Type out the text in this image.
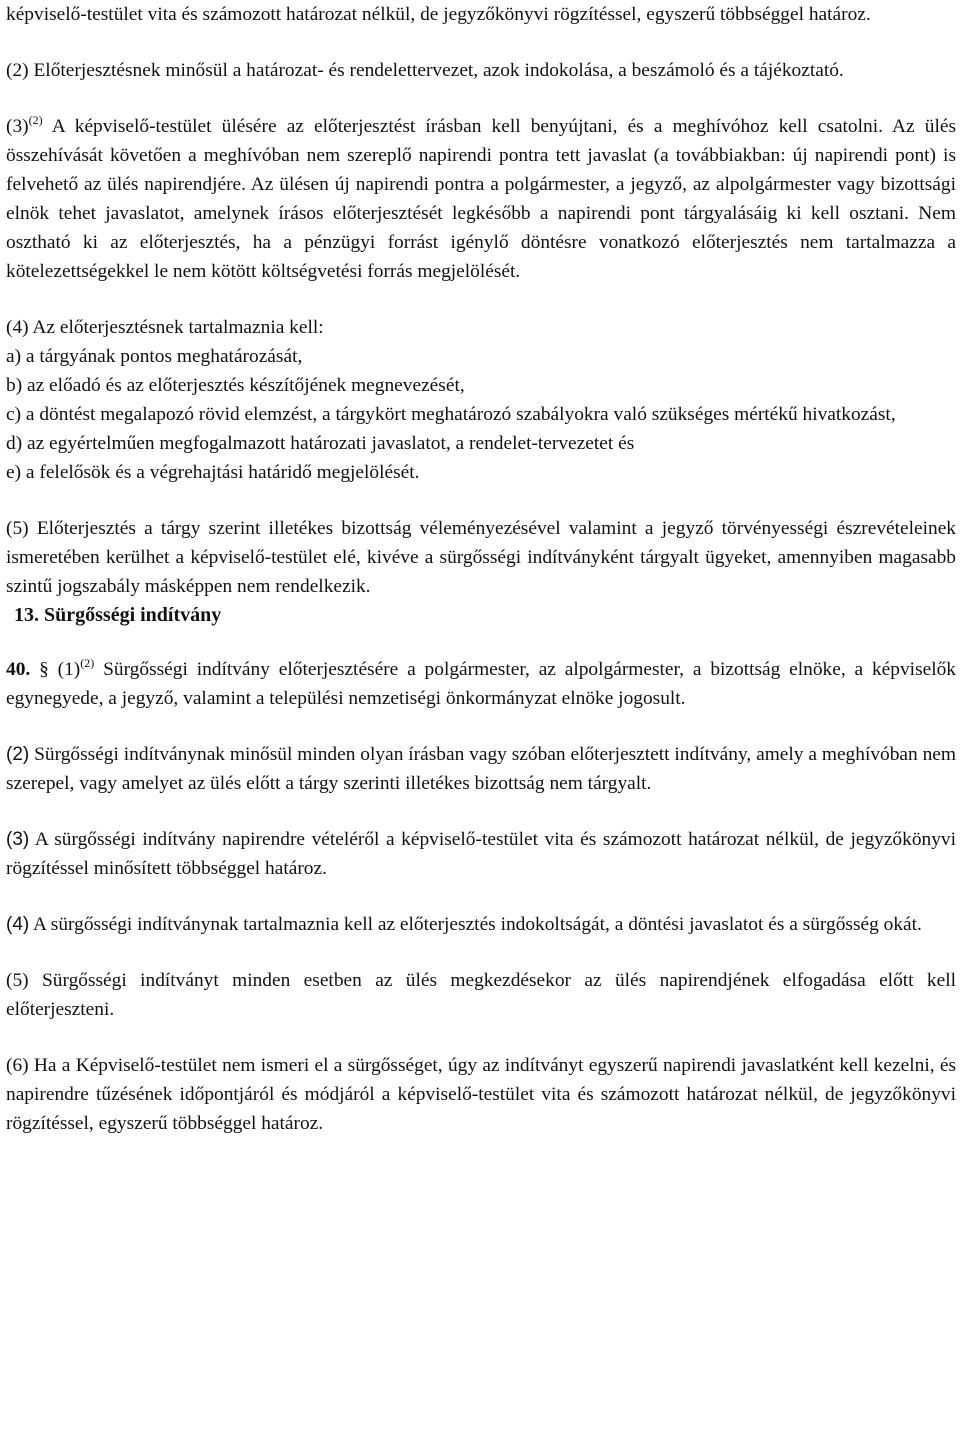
képviselő-testület vita és számozott határozat nélkül, de jegyzőkönyvi rögzítéssel, egyszerű többséggel határoz.

(2) Előterjesztésnek minősül a határozat- és rendelettervezet, azok indokolása, a beszámoló és a tájékoztató.

$(3)^{(2)}$ A képviselő-testület ülésére az előterjesztést írásban kell benyújtani, és a meghívóhoz kell csatolni. Az ülés összehívását követően a meghívóban nem szereplő napirendi pontra tett javaslat (a továbbiakban: új napirendi pont) is felvehető az ülés napirendjére. Az ülésen új napirendi pontra a polgármester, a jegyző, az alpolgármester vagy bizottsági elnök tehet javaslatot, amelynek írásos előterjesztését legkésőbb a napirendi pont tárgyalásáig ki kell osztani. Nem osztható ki az előterjesztés, ha a pénzügyi forrást igénylő döntésre vonatkozó előterjesztés nem tartalmazza a kötelezettségekkel le nem kötött költségvetési forrás megjelölését.

(4) Az előterjesztésnek tartalmaznia kell:

a) a tárgyának pontos meghatározását,

b) az előadó és az előterjesztés készítőjének megnevezését,

c) a döntést megalapozó rövid elemzést, a tárgykört meghatározó szabályokra való szükséges mértékű hivatkozást,

d) az egyértelműen megfogalmazott határozati javaslatot, a rendelet-tervezetet és

e) a felelősök és a végrehajtási határidő megjelölését.

(5) Előterjesztés a tárgy szerint illetékes bizottság véleményezésével valamint a jegyző törvényességi észrevételeinek ismeretében kerülhet a képviselő-testület elé, kivéve a sürgősségi indítványként tárgyalt ügyeket, amennyiben magasabb szintű jogszabály másképpen nem rendelkezik.

13. Sürgősségi indítvány

40. § $(1)^{(2)}$ Sürgősségi indítvány előterjesztésére a polgármester, az alpolgármester, a bizottság elnöke, a képviselők egynegyede, a jegyző, valamint a települési nemzetiségi önkormányzat elnöke jogosult.

(2) Sürgősségi indítványnak minősül minden olyan írásban vagy szóban előterjesztett indítvány, amely a meghívóban nem szerepel, vagy amelyet az ülés előtt a tárgy szerinti illetékes bizottság nem tárgyalt.

(3) A sürgősségi indítvány napirendre vételéről a képviselő-testület vita és számozott határozat nélkül, de jegyzőkönyvi rögzítéssel minősített többséggel határoz.

(4) A sürgősségi indítványnak tartalmaznia kell az előterjesztés indokoltságát, a döntési javaslatot és a sürgősség okát.

(5) Sürgősségi indítványt minden esetben az ülés megkezdésekor az ülés napirendjének elfogadása előtt kell előterjeszteni.

(6) Ha a Képviselő-testület nem ismeri el a sürgősséget, úgy az indítványt egyszerű napirendi javaslatként kell kezelni, és napirendre tűzésének időpontjáról és módjáról a képviselő-testület vita és számozott határozat nélkül, de jegyzőkönyvi rögzítéssel, egyszerű többséggel határoz.
